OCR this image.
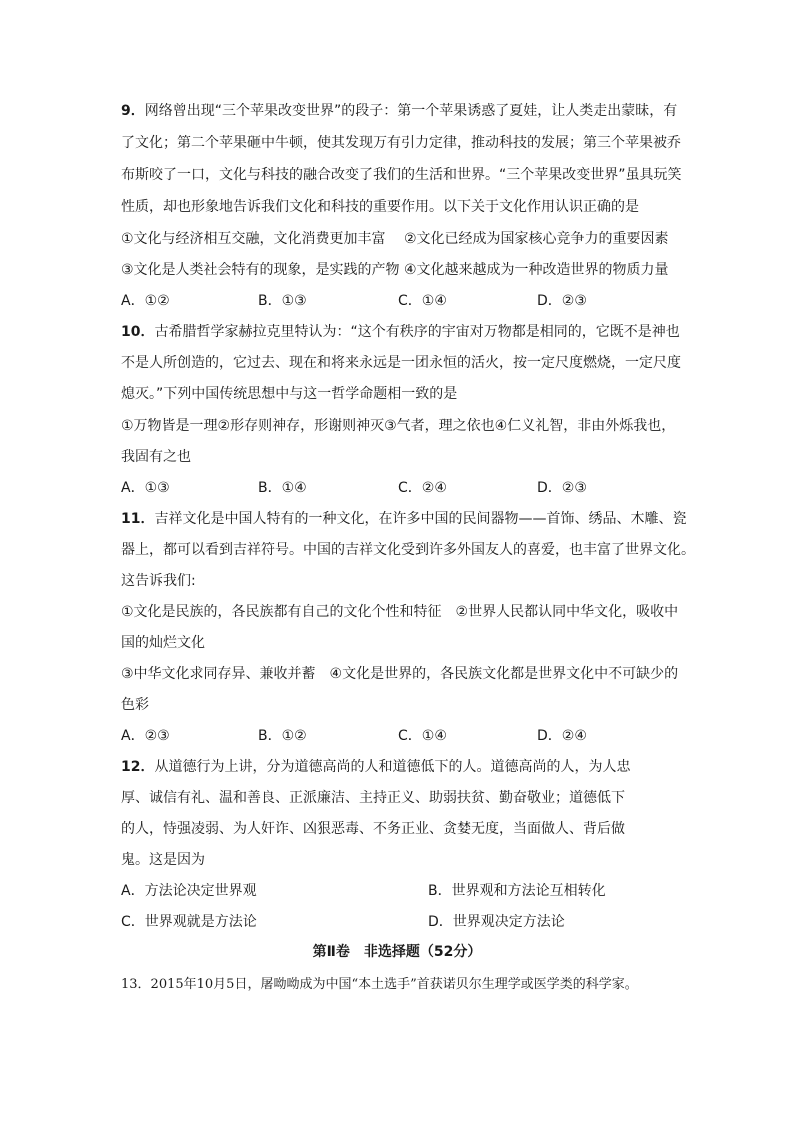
9．网络曾出现“三个苹果改变世界”的段子：第一个苹果诱惑了夏娃，让人类走出蒙昧，有
了文化；第二个苹果砸中牛顿，使其发现万有引力定律，推动科技的发展；第三个苹果被乔
布斯咬了一口，文化与科技的融合改变了我们的生活和世界。“三个苹果改变世界”虽具玩笑
性质，却也形象地告诉我们文化和科技的重要作用。以下关于文化作用认识正确的是
①文化与经济相互交融，文化消费更加丰富　 ②文化已经成为国家核心竞争力的重要因素
③文化是人类社会特有的现象，是实践的产物 ④文化越来越成为一种改造世界的物质力量
A．①②	B．①③	C．①④	D．②③
10．古希腊哲学家赫拉克里特认为：“这个有秩序的宇宙对万物都是相同的，它既不是神也
不是人所创造的，它过去、现在和将来永远是一团永恒的活火，按一定尺度燃烧，一定尺度
熄灭。”下列中国传统思想中与这一哲学命题相一致的是
①万物皆是一理②形存则神存，形谢则神灭③气者，理之依也④仁义礼智，非由外烁我也，
我固有之也
A．①③	B．①④	C．②④	D．②③
11．吉祥文化是中国人特有的一种文化，在许多中国的民间器物——首饰、绣品、木雕、瓷
器上，都可以看到吉祥符号。中国的吉祥文化受到许多外国友人的喜爱，也丰富了世界文化。
这告诉我们:
①文化是民族的，各民族都有自己的文化个性和特征　②世界人民都认同中华文化，吸收中
国的灿烂文化
③中华文化求同存异、兼收并蓄　④文化是世界的，各民族文化都是世界文化中不可缺少的
色彩
A．②③	B．①②	C．①④	D．②④
12．从道德行为上讲，分为道德高尚的人和道德低下的人。道德高尚的人，为人忠
厚、诚信有礼、温和善良、正派廉洁、主持正义、助弱扶贫、勤奋敬业；道德低下
的人，恃强凌弱、为人奸诈、凶狠恶毒、不务正业、贪婪无度，当面做人、背后做
鬼。这是因为
A．方法论决定世界观	B．世界观和方法论互相转化
C．世界观就是方法论	D．世界观决定方法论
第Ⅱ卷　非选择题（52分）
13．2015年10月5日，屠呦呦成为中国“本土选手”首获诺贝尔生理学或医学类的科学家。
